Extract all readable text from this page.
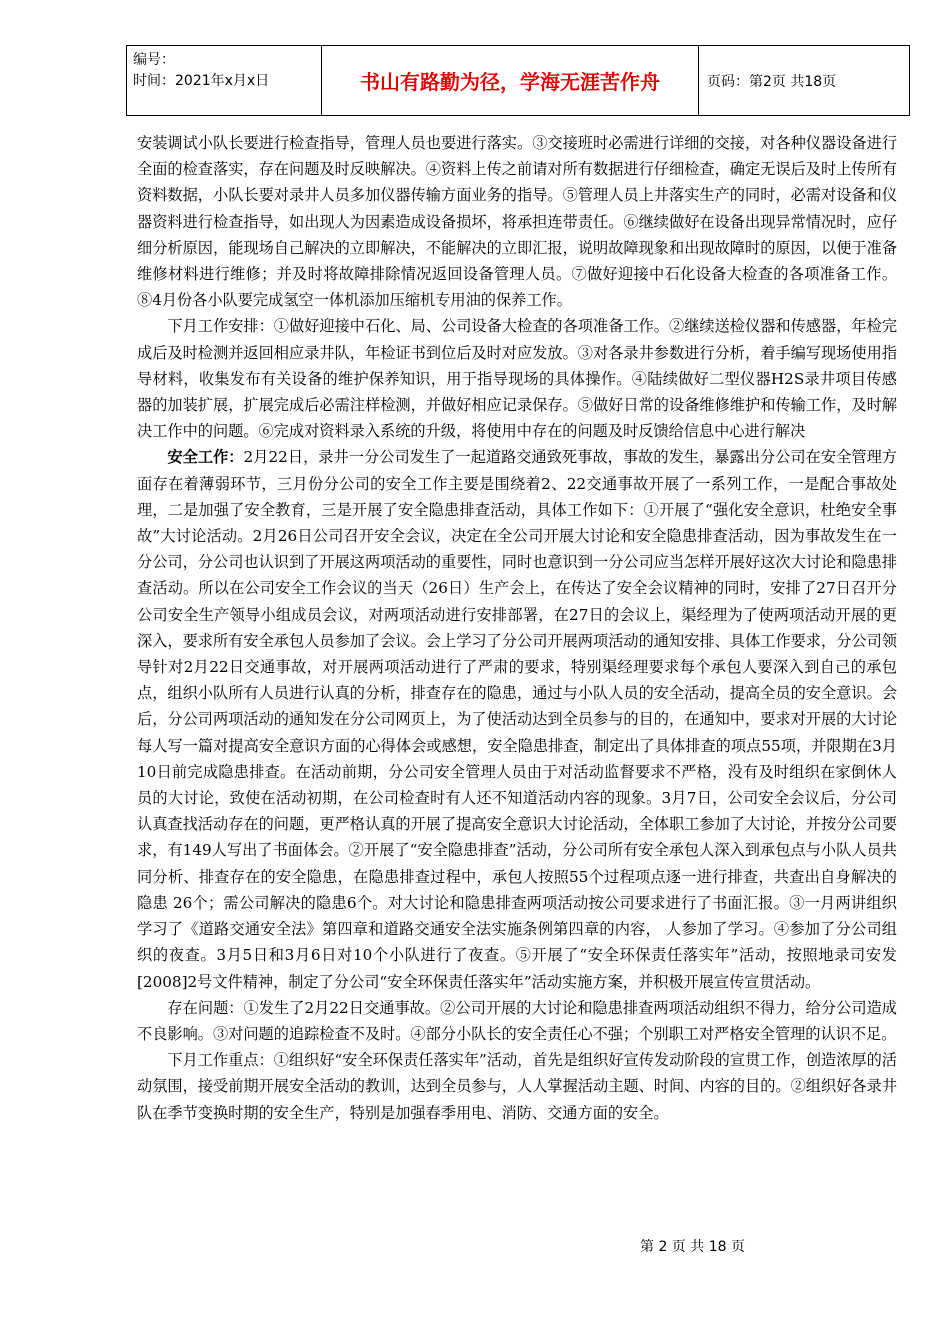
编号：
时间：2021年x月x日	书山有路勤为径，学海无涯苦作舟	页码：第2页 共18页

安装调试小队长要进行检查指导，管理人员也要进行落实。③交接班时必需进行详细的交接，对各种仪器设备进行全面的检查落实，存在问题及时反映解决。④资料上传之前请对所有数据进行仔细检查，确定无误后及时上传所有资料数据，小队长要对录井人员多加仪器传输方面业务的指导。⑤管理人员上井落实生产的同时，必需对设备和仪器资料进行检查指导，如出现人为因素造成设备损坏，将承担连带责任。⑥继续做好在设备出现异常情况时，应仔细分析原因，能现场自己解决的立即解决，不能解决的立即汇报，说明故障现象和出现故障时的原因，以便于准备维修材料进行维修；并及时将故障排除情况返回设备管理人员。⑦做好迎接中石化设备大检查的各项准备工作。⑧4月份各小队要完成氢空一体机添加压缩机专用油的保养工作。

下月工作安排：①做好迎接中石化、局、公司设备大检查的各项准备工作。②继续送检仪器和传感器，年检完成后及时检测并返回相应录井队，年检证书到位后及时对应发放。③对各录井参数进行分析，着手编写现场使用指导材料，收集发布有关设备的维护保养知识，用于指导现场的具体操作。④陆续做好二型仪器H2S录井项目传感器的加装扩展，扩展完成后必需注样检测，并做好相应记录保存。⑤做好日常的设备维修维护和传输工作，及时解决工作中的问题。⑥完成对资料录入系统的升级，将使用中存在的问题及时反馈给信息中心进行解决

安全工作：2月22日，录井一分公司发生了一起道路交通致死事故，事故的发生，暴露出分公司在安全管理方面存在着薄弱环节，三月份分公司的安全工作主要是围绕着2、22交通事故开展了一系列工作，一是配合事故处理，二是加强了安全教育，三是开展了安全隐患排查活动，具体工作如下：①开展了“强化安全意识，杜绝安全事故”大讨论活动。2月26日公司召开安全会议，决定在全公司开展大讨论和安全隐患排查活动，因为事故发生在一分公司，分公司也认识到了开展这两项活动的重要性，同时也意识到一分公司应当怎样开展好这次大讨论和隐患排查活动。所以在公司安全工作会议的当天（26日）生产会上，在传达了安全会议精神的同时，安排了27日召开分公司安全生产领导小组成员会议，对两项活动进行安排部署，在27日的会议上，渠经理为了使两项活动开展的更深入，要求所有安全承包人员参加了会议。会上学习了分公司开展两项活动的通知安排、具体工作要求，分公司领导针对2月22日交通事故，对开展两项活动进行了严肃的要求，特别渠经理要求每个承包人要深入到自己的承包点，组织小队所有人员进行认真的分析，排查存在的隐患，通过与小队人员的安全活动，提高全员的安全意识。会后，分公司两项活动的通知发在分公司网页上，为了使活动达到全员参与的目的，在通知中，要求对开展的大讨论每人写一篇对提高安全意识方面的心得体会或感想，安全隐患排查，制定出了具体排查的项点55项，并限期在3月10日前完成隐患排查。在活动前期，分公司安全管理人员由于对活动监督要求不严格，没有及时组织在家倒休人员的大讨论，致使在活动初期，在公司检查时有人还不知道活动内容的现象。3月7日，公司安全会议后，分公司认真查找活动存在的问题，更严格认真的开展了提高安全意识大讨论活动，全体职工参加了大讨论，并按分公司要求，有149人写出了书面体会。②开展了“安全隐患排查”活动，分公司所有安全承包人深入到承包点与小队人员共同分析、排查存在的安全隐患，在隐患排查过程中，承包人按照55个过程项点逐一进行排查，共查出自身解决的隐患 26个；需公司解决的隐患6个。对大讨论和隐患排查两项活动按公司要求进行了书面汇报。③一月两讲组织学习了《道路交通安全法》第四章和道路交通安全法实施条例第四章的内容， 人参加了学习。④参加了分公司组织的夜查。3月5日和3月6日对10个小队进行了夜查。⑤开展了“安全环保责任落实年”活动，按照地录司安发[2008]2号文件精神，制定了分公司“安全环保责任落实年”活动实施方案，并积极开展宣传宣贯活动。

存在问题：①发生了2月22日交通事故。②公司开展的大讨论和隐患排查两项活动组织不得力，给分公司造成不良影响。③对问题的追踪检查不及时。④部分小队长的安全责任心不强；个别职工对严格安全管理的认识不足。

下月工作重点：①组织好“安全环保责任落实年”活动，首先是组织好宣传发动阶段的宣贯工作，创造浓厚的活动氛围，接受前期开展安全活动的教训，达到全员参与，人人掌握活动主题、时间、内容的目的。②组织好各录井队在季节变换时期的安全生产，特别是加强春季用电、消防、交通方面的安全。

第 2 页 共 18 页
